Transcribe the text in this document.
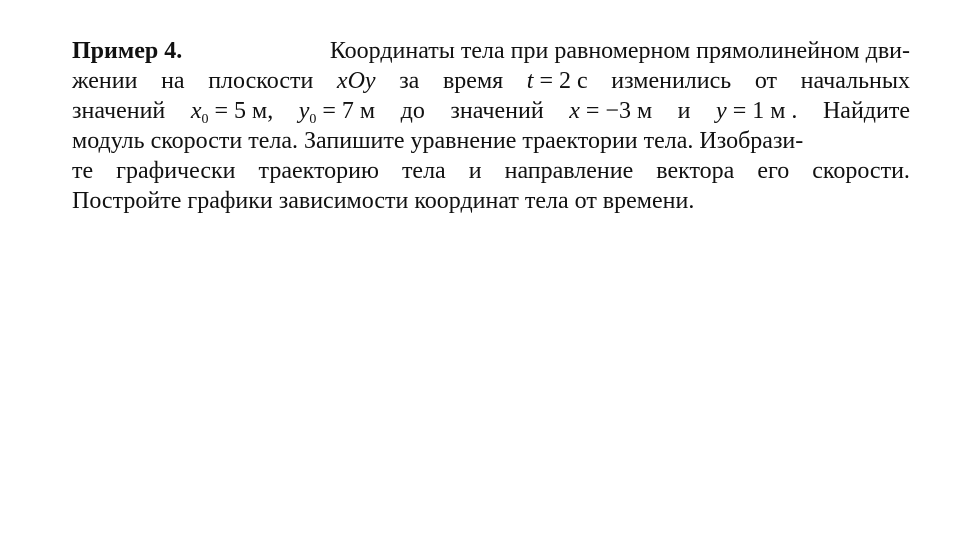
Пример 4.	Координаты тела при равномерном прямолинейном дви-
жении на плоскости xOy за время t = 2 с изменились от начальных
значений $x_0 = 5$ м, $y_0 = 7$ м до значений x = −3 м и y = 1 м . Найдите
модуль скорости тела. Запишите уравнение траектории тела. Изобрази-
те графически траекторию тела и направление вектора его скорости.
Постройте графики зависимости координат тела от времени.
